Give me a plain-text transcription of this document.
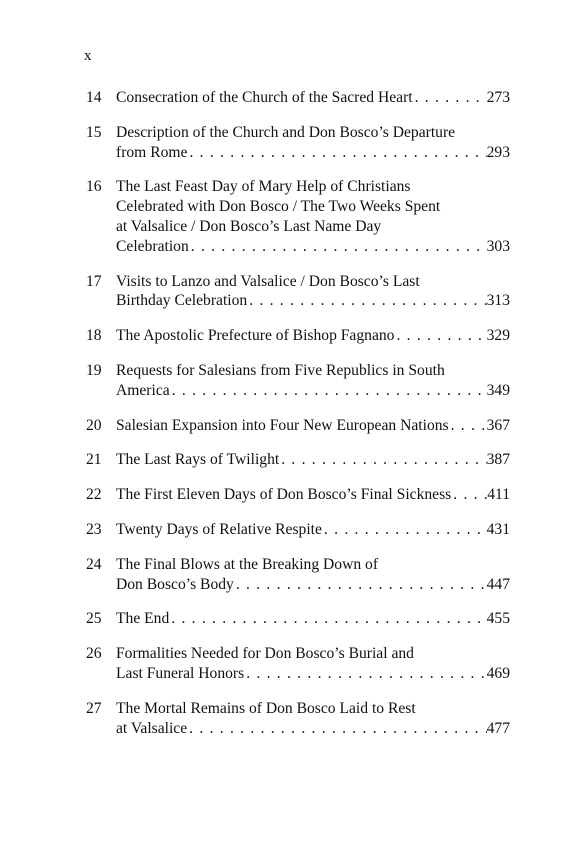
x
14 Consecration of the Church of the Sacred Heart . . .	273
15 Description of the Church and Don Bosco’s Departure
from Rome . . .	293
16 The Last Feast Day of Mary Help of Christians
Celebrated with Don Bosco / The Two Weeks Spent
at Valsalice / Don Bosco’s Last Name Day
Celebration . . .	303
17 Visits to Lanzo and Valsalice / Don Bosco’s Last
Birthday Celebration . . .	313
18 The Apostolic Prefecture of Bishop Fagnano . . .	329
19 Requests for Salesians from Five Republics in South
America . . .	349
20 Salesian Expansion into Four New European Nations . . . 367
21 The Last Rays of Twilight . . .	387
22 The First Eleven Days of Don Bosco’s Final Sickness . . . 411
23 Twenty Days of Relative Respite . . .	431
24 The Final Blows at the Breaking Down of
Don Bosco’s Body . . .	447
25 The End . . .	455
26 Formalities Needed for Don Bosco’s Burial and
Last Funeral Honors . . .	469
27 The Mortal Remains of Don Bosco Laid to Rest
at Valsalice . . .	477
